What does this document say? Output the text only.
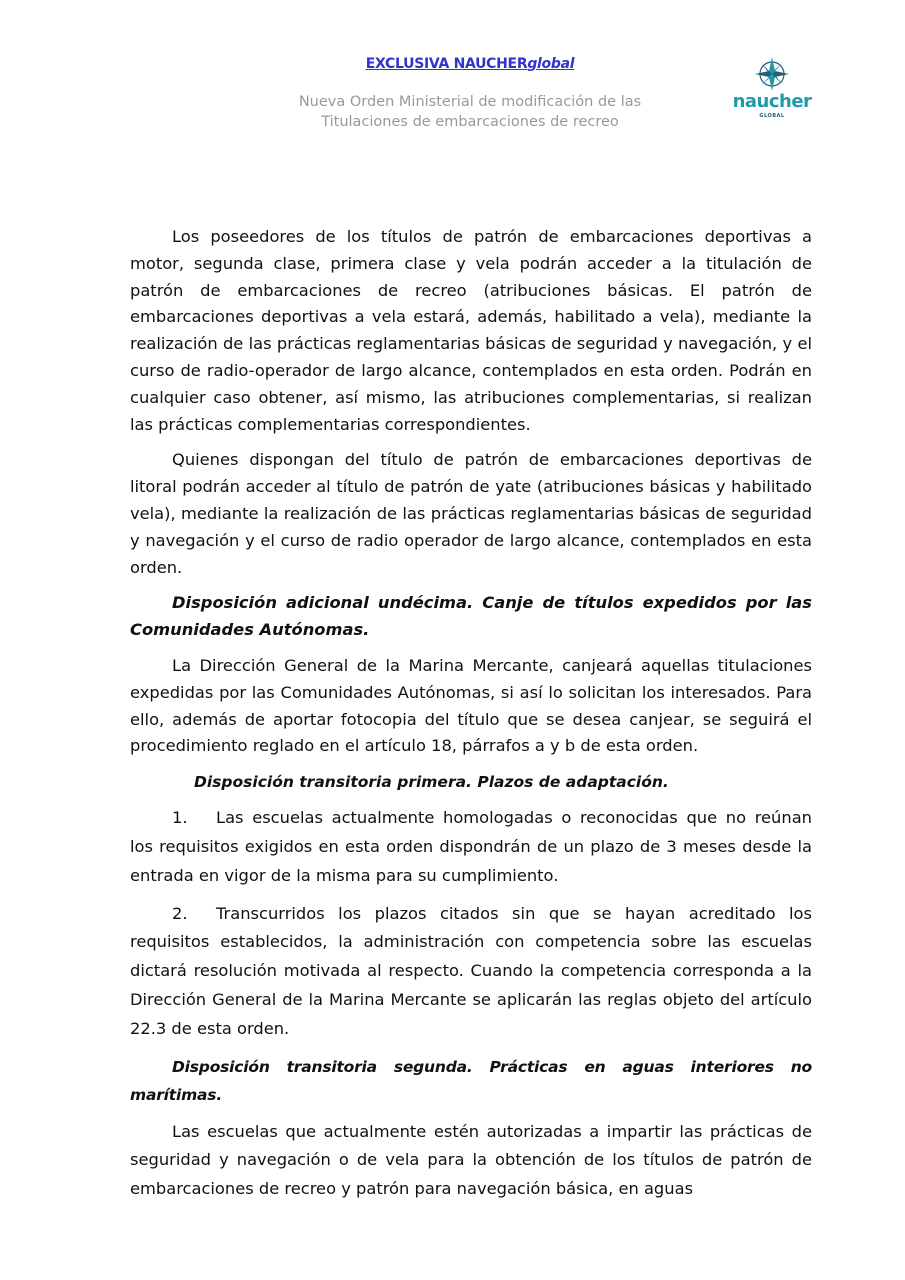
EXCLUSIVA NAUCHERglobal
Nueva Orden Ministerial de modificación de las
Titulaciones de embarcaciones de recreo
naucher
GLOBAL

Los poseedores de los títulos de patrón de embarcaciones deportivas a motor, segunda clase, primera clase y vela podrán acceder a la titulación de patrón de embarcaciones de recreo (atribuciones básicas. El patrón de embarcaciones deportivas a vela estará, además, habilitado a vela), mediante la realización de las prácticas reglamentarias básicas de seguridad y navegación, y el curso de radio-operador de largo alcance, contemplados en esta orden. Podrán en cualquier caso obtener, así mismo, las atribuciones complementarias, si realizan las prácticas complementarias correspondientes.

Quienes dispongan del título de patrón de embarcaciones deportivas de litoral podrán acceder al título de patrón de yate (atribuciones básicas y habilitado vela), mediante la realización de las prácticas reglamentarias básicas de seguridad y navegación y el curso de radio operador de largo alcance, contemplados en esta orden.

Disposición adicional undécima. Canje de títulos expedidos por las Comunidades Autónomas.

La Dirección General de la Marina Mercante, canjeará aquellas titulaciones expedidas por las Comunidades Autónomas, si así lo solicitan los interesados. Para ello, además de aportar fotocopia del título que se desea canjear, se seguirá el procedimiento reglado en el artículo 18, párrafos a y b de esta orden.

Disposición transitoria primera. Plazos de adaptación.

1. Las escuelas actualmente homologadas o reconocidas que no reúnan los requisitos exigidos en esta orden dispondrán de un plazo de 3 meses desde la entrada en vigor de la misma para su cumplimiento.

2. Transcurridos los plazos citados sin que se hayan acreditado los requisitos establecidos, la administración con competencia sobre las escuelas dictará resolución motivada al respecto. Cuando la competencia corresponda a la Dirección General de la Marina Mercante se aplicarán las reglas objeto del artículo 22.3 de esta orden.

Disposición transitoria segunda. Prácticas en aguas interiores no marítimas.

Las escuelas que actualmente estén autorizadas a impartir las prácticas de seguridad y navegación o de vela para la obtención de los títulos de patrón de embarcaciones de recreo y patrón para navegación básica, en aguas
